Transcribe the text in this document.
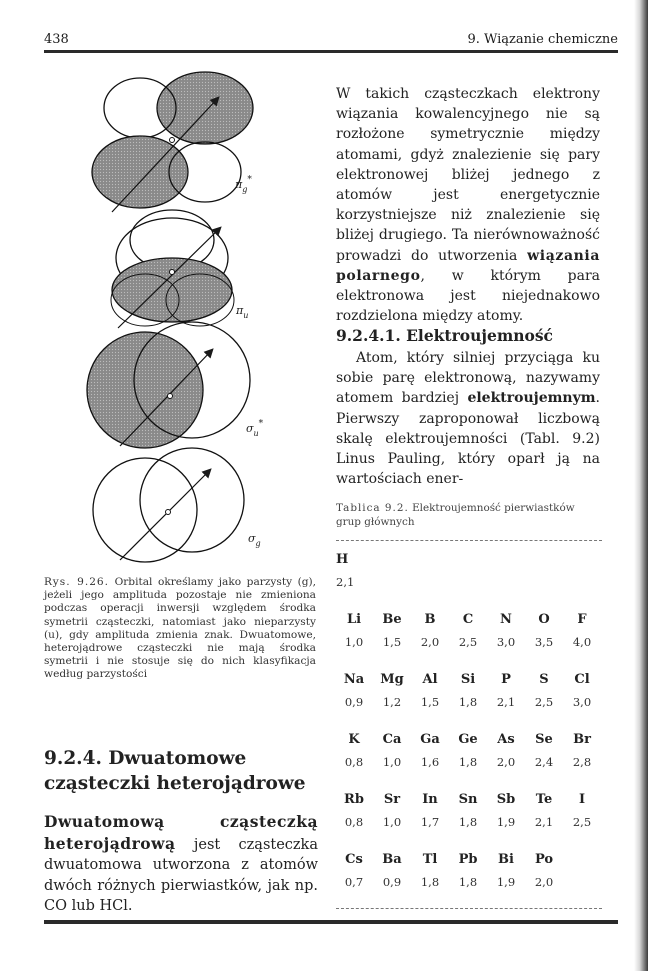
438	9. Wiązanie chemiczne
$\pi_g^*$
$\pi_u$
$\sigma_u^*$
$\sigma_g$
Rys. 9.26. Orbital określamy jako parzysty (g), jeżeli jego amplituda pozostaje nie zmieniona podczas operacji inwersji względem środka symetrii cząsteczki, natomiast jako nieparzysty (u), gdy amplituda zmienia znak. Dwuatomowe, heterojądrowe cząsteczki nie mają środka symetrii i nie stosuje się do nich klasyfikacja według parzystości
9.2.4. Dwuatomowe cząsteczki heterojądrowe
Dwuatomową cząsteczką heterojądrową jest cząsteczka dwuatomowa utworzona z atomów dwóch różnych pierwiastków, jak np. CO lub HCl.
W takich cząsteczkach elektrony wiązania kowalencyjnego nie są rozłożone symetrycznie między atomami, gdyż znalezienie się pary elektronowej bliżej jednego z atomów jest energetycznie korzystniejsze niż znalezienie się bliżej drugiego. Ta nierównoważność prowadzi do utworzenia wiązania polarnego, w którym para elektronowa jest niejednakowo rozdzielona między atomy.
9.2.4.1. Elektroujemność
Atom, który silniej przyciąga ku sobie parę elektronową, nazywamy atomem bardziej elektroujemnym. Pierwszy zaproponował liczbową skalę elektroujemności (Tabl. 9.2) Linus Pauling, który oparł ją na wartościach ener-
Tablica 9.2. Elektroujemność pierwiastków grup głównych
H
2,1
Li
1,0
Be
1,5
B
2,0
C
2,5
N
3,0
O
3,5
F
4,0
Na
0,9
Mg
1,2
Al
1,5
Si
1,8
P
2,1
S
2,5
Cl
3,0
K
0,8
Ca
1,0
Ga
1,6
Ge
1,8
As
2,0
Se
2,4
Br
2,8
Rb
0,8
Sr
1,0
In
1,7
Sn
1,8
Sb
1,9
Te
2,1
I
2,5
Cs
0,7
Ba
0,9
Tl
1,8
Pb
1,8
Bi
1,9
Po
2,0
